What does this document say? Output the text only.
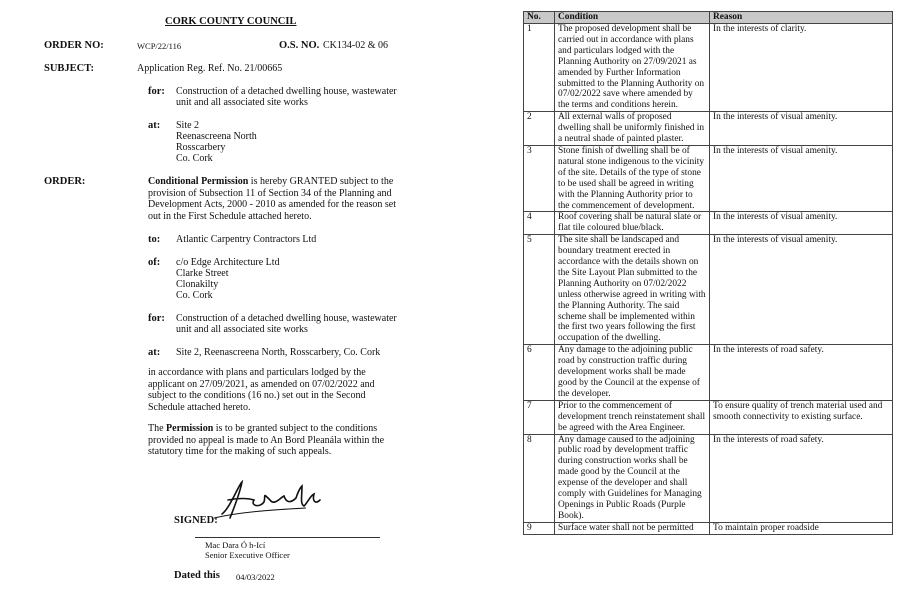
CORK COUNTY COUNCIL
ORDER NO:	WCP/22/116	O.S. NO. CK134-02 & 06
SUBJECT:	Application Reg. Ref. No. 21/00665
for: Construction of a detached dwelling house, wastewater
unit and all associated site works
at: Site 2
Reenascreena North
Rosscarbery
Co. Cork
ORDER:	Conditional Permission is hereby GRANTED subject to the provision of Subsection 11 of Section 34 of the Planning and Development Acts, 2000 - 2010 as amended for the reason set out in the First Schedule attached hereto.
to: Atlantic Carpentry Contractors Ltd
of: c/o Edge Architecture Ltd
Clarke Street
Clonakilty
Co. Cork
for: Construction of a detached dwelling house, wastewater
unit and all associated site works
at: Site 2, Reenascreena North, Rosscarbery, Co. Cork
in accordance with plans and particulars lodged by the applicant on 27/09/2021, as amended on 07/02/2022 and subject to the conditions (16 no.) set out in the Second Schedule attached hereto.
The Permission is to be granted subject to the conditions provided no appeal is made to An Bord Pleanála within the statutory time for the making of such appeals.
SIGNED:
Mac Dara Ó h-Icí
Senior Executive Officer
Dated this 04/03/2022
No.	Condition	Reason
1	The proposed development shall be carried out in accordance with plans and particulars lodged with the Planning Authority on 27/09/2021 as amended by Further Information submitted to the Planning Authority on 07/02/2022 save where amended by the terms and conditions herein.	In the interests of clarity.
2	All external walls of proposed dwelling shall be uniformly finished in a neutral shade of painted plaster.	In the interests of visual amenity.
3	Stone finish of dwelling shall be of natural stone indigenous to the vicinity of the site. Details of the type of stone to be used shall be agreed in writing with the Planning Authority prior to the commencement of development.	In the interests of visual amenity.
4	Roof covering shall be natural slate or flat tile coloured blue/black.	In the interests of visual amenity.
5	The site shall be landscaped and boundary treatment erected in accordance with the details shown on the Site Layout Plan submitted to the Planning Authority on 07/02/2022 unless otherwise agreed in writing with the Planning Authority. The said scheme shall be implemented within the first two years following the first occupation of the dwelling.	In the interests of visual amenity.
6	Any damage to the adjoining public road by construction traffic during development works shall be made good by the Council at the expense of the developer.	In the interests of road safety.
7	Prior to the commencement of development trench reinstatement shall be agreed with the Area Engineer.	To ensure quality of trench material used and smooth connectivity to existing surface.
8	Any damage caused to the adjoining public road by development traffic during construction works shall be made good by the Council at the expense of the developer and shall comply with Guidelines for Managing Openings in Public Roads (Purple Book).	In the interests of road safety.
9	Surface water shall not be permitted	To maintain proper roadside
